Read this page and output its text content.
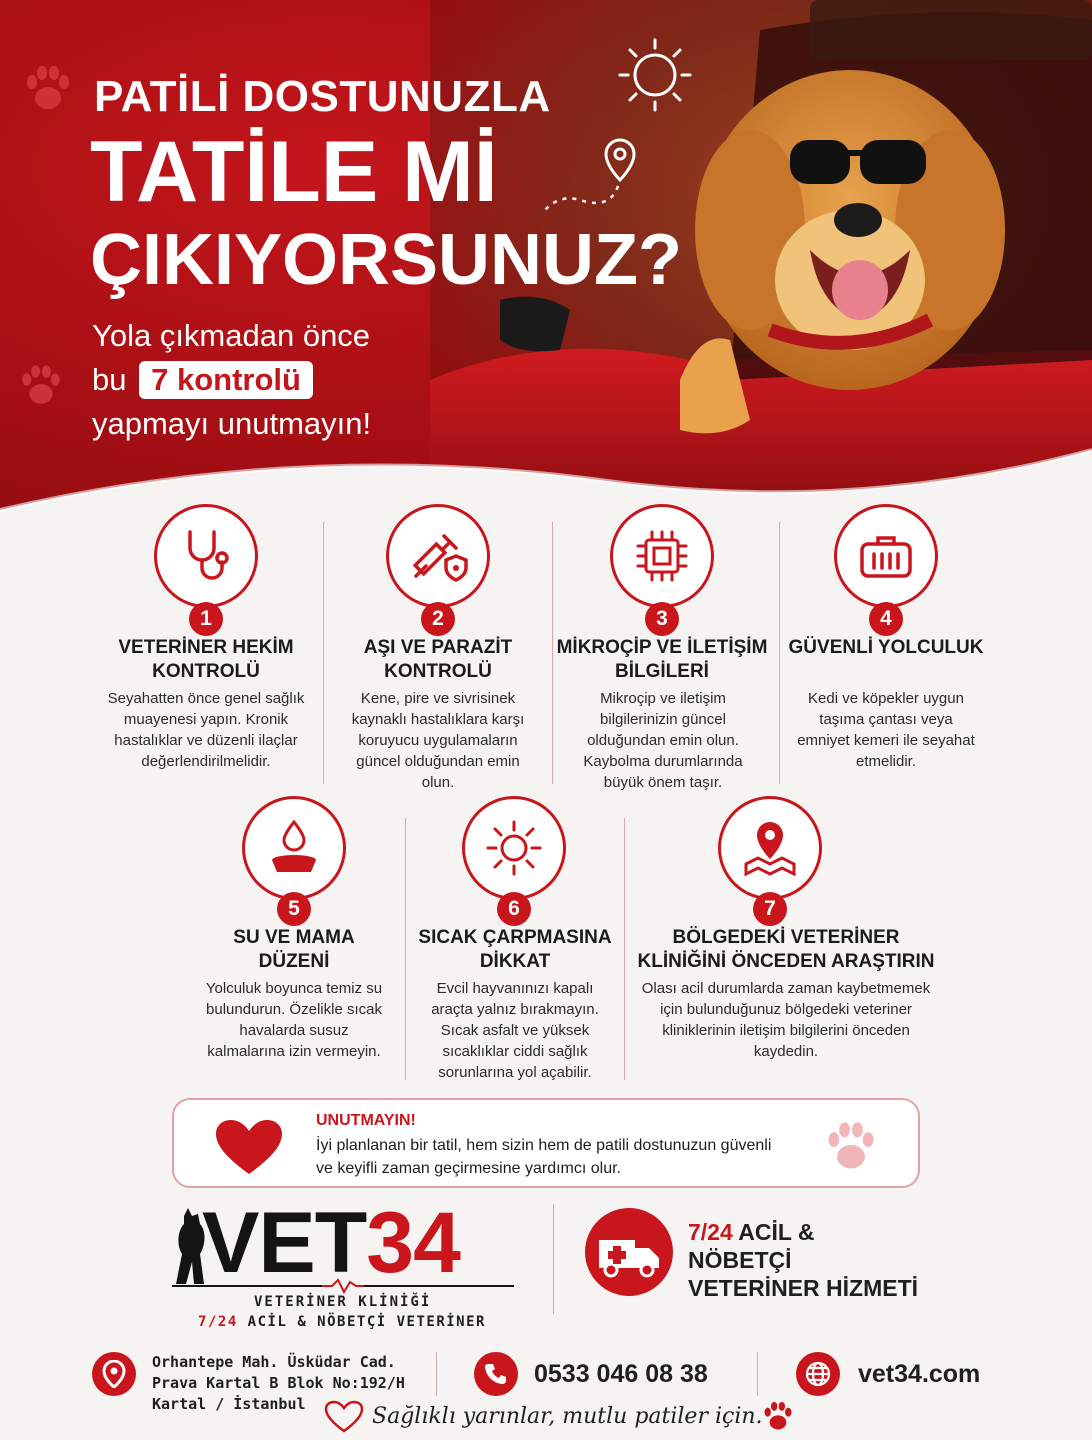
PATİLİ DOSTUNUZLA
TATİLE Mİ
ÇIKIYORSUNUZ?
Yola çıkmadan önce
bu 7 kontrolü
yapmayı unutmayın!
1
VETERİNER HEKİM KONTROLÜ
Seyahatten önce genel sağlık muayenesi yapın. Kronik hastalıklar ve düzenli ilaçlar değerlendirilmelidir.
2
AŞI VE PARAZİT KONTROLÜ
Kene, pire ve sivrisinek kaynaklı hastalıklara karşı koruyucu uygulamaların güncel olduğundan emin olun.
3
MİKROÇİP VE İLETİŞİM BİLGİLERİ
Mikroçip ve iletişim bilgilerinizin güncel olduğundan emin olun. Kaybolma durumlarında büyük önem taşır.
4
GÜVENLİ YOLCULUK
Kedi ve köpekler uygun taşıma çantası veya emniyet kemeri ile seyahat etmelidir.
5
SU VE MAMA DÜZENİ
Yolculuk boyunca temiz su bulundurun. Özelikle sıcak havalarda susuz kalmalarına izin vermeyin.
6
SICAK ÇARPMASINA DİKKAT
Evcil hayvanınızı kapalı araçta yalnız bırakmayın. Sıcak asfalt ve yüksek sıcaklıklar ciddi sağlık sorunlarına yol açabilir.
7
BÖLGEDEKİ VETERİNER KLİNİĞİNİ ÖNCEDEN ARAŞTIRIN
Olası acil durumlarda zaman kaybetmemek için bulunduğunuz bölgedeki veteriner kliniklerinin iletişim bilgilerini önceden kaydedin.
UNUTMAYIN!
İyi planlanan bir tatil, hem sizin hem de patili dostunuzun güvenli ve keyifli zaman geçirmesine yardımcı olur.
VET34
VETERİNER KLİNİĞİ
7/24 ACİL & NÖBETÇİ VETERİNER
7/24 ACİL &
NÖBETÇİ
VETERİNER HİZMETİ
Orhantepe Mah. Üsküdar Cad.
Prava Kartal B Blok No:192/H
Kartal / İstanbul
0533 046 08 38	vet34.com
Sağlıklı yarınlar, mutlu patiler için.
